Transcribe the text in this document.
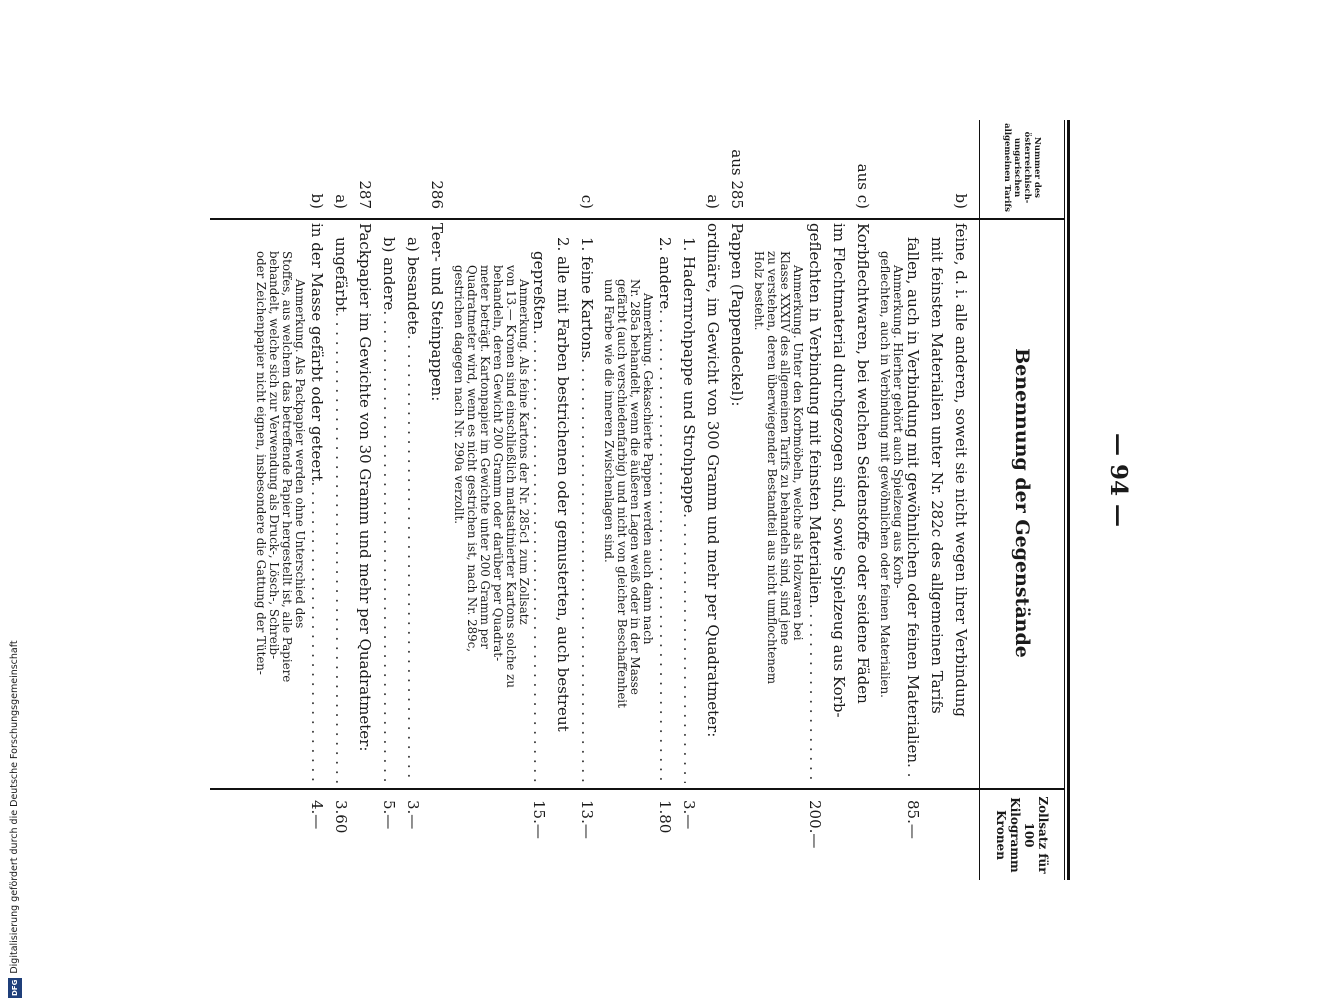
— 94 —
Nummer des österreichisch-ungarischen allgemeinen Tarifs
Benennung der Gegenstände
Zollsatz für 100 Kilogramm Kronen
b)
feine, d. i. alle anderen, soweit sie nicht wegen ihrer Verbindung
mit feinsten Materialien unter Nr. 282c des allgemeinen Tarifs
fallen, auch in Verbindung mit gewöhnlichen oder feinen Materialien
. . .
85.—
Anmerkung. Hierher gehört auch Spielzeug aus Korb-
geflechten, auch in Verbindung mit gewöhnlichen oder feinen Materialien.
aus c)
Korbflechtwaren, bei welchen Seidenstoffe oder seidene Fäden
im Flechtmaterial durchgezogen sind, sowie Spielzeug aus Korb-
geflechten in Verbindung mit feinsten Materialien
. . .
200.—
Anmerkung. Unter den Korbmöbeln, welche als Holzwaren bei
Klasse XXXIV des allgemeinen Tarifs zu behandeln sind, sind jene
zu verstehen, deren überwiegender Bestandteil aus nicht umflochtenem
Holz besteht.
aus 285
Pappen (Pappendeckel):
a)
ordinäre, im Gewicht von 300 Gramm und mehr per Quadratmeter:
1. Hadernrohpappe und Strohpappe
. . .
3.—
2. andere
. . .
1.80
Anmerkung. Gekaschierte Pappen werden auch dann nach
Nr. 285a behandelt, wenn die äußeren Lagen weiß oder in der Masse
gefärbt (auch verschiedenfarbig) und nicht von gleicher Beschaffenheit
und Farbe wie die inneren Zwischenlagen sind.
c)
1. feine Kartons
. . .
13.—
2. alle mit Farben bestrichenen oder gemusterten, auch bestreut
gepreßten
. . .
15.—
Anmerkung. Als feine Kartons der Nr. 285c1 zum Zollsatz
von 13.— Kronen sind einschließlich mattsatinierter Kartons solche zu
behandeln, deren Gewicht 200 Gramm oder darüber per Quadrat-
meter beträgt. Kartonpapier im Gewichte unter 200 Gramm per
Quadratmeter wird, wenn es nicht gestrichen ist, nach Nr. 289c,
gestrichen dagegen nach Nr. 290a verzollt.
286
Teer- und Steinpappen:
a) besandete
. . .
3.—
b) andere
. . .
5.—
287
Packpapier im Gewichte von 30 Gramm und mehr per Quadratmeter:
a)
ungefärbt
. . .
3.60
b)
in der Masse gefärbt oder geteert
. . .
4.—
Anmerkung. Als Packpapier werden ohne Unterschied des
Stoffes, aus welchem das betreffende Papier hergestellt ist, alle Papiere
behandelt, welche sich zur Verwendung als Druck-, Lösch-, Schreib-
oder Zeichenpapier nicht eignen, insbesondere die Gattung der Tüten-
DFG
Digitalisierung gefördert durch die Deutsche Forschungsgemeinschaft
